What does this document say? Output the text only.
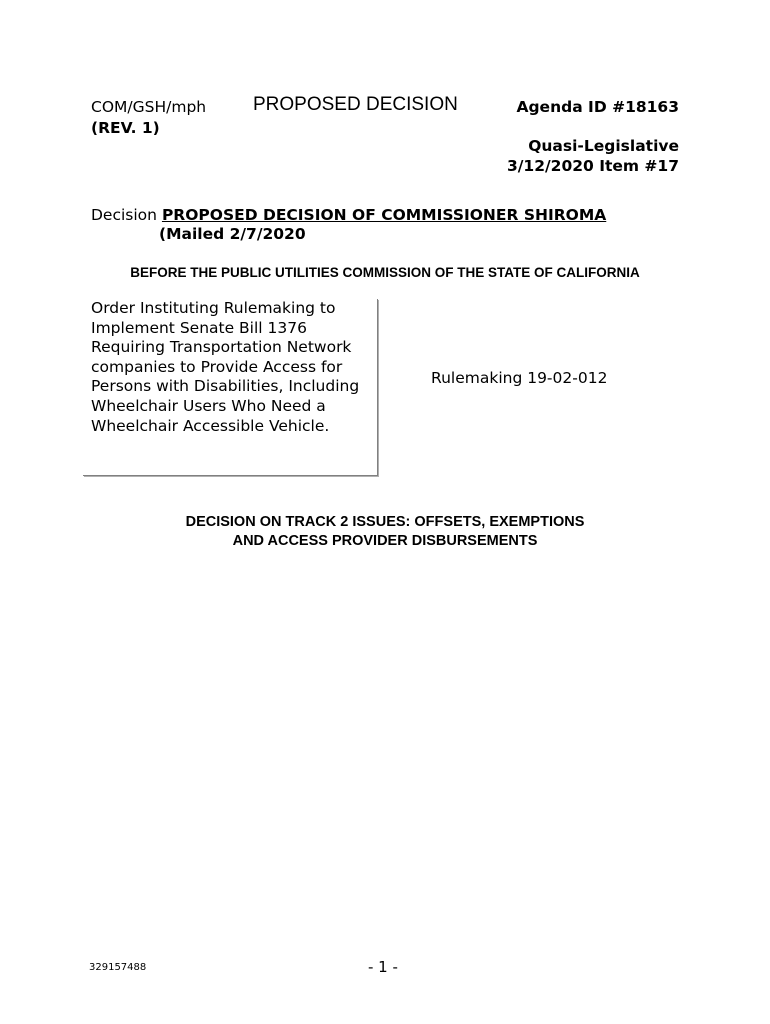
COM/GSH/mph
(REV. 1)
PROPOSED DECISION	Agenda ID #18163
Quasi-Legislative
3/12/2020 Item #17
Decision PROPOSED DECISION OF COMMISSIONER SHIROMA
(Mailed 2/7/2020
BEFORE THE PUBLIC UTILITIES COMMISSION OF THE STATE OF CALIFORNIA
Order Instituting Rulemaking to Implement Senate Bill 1376 Requiring Transportation Network companies to Provide Access for Persons with Disabilities, Including Wheelchair Users Who Need a Wheelchair Accessible Vehicle.
Rulemaking 19-02-012
DECISION ON TRACK 2 ISSUES: OFFSETS, EXEMPTIONS
AND ACCESS PROVIDER DISBURSEMENTS
329157488	- 1 -
